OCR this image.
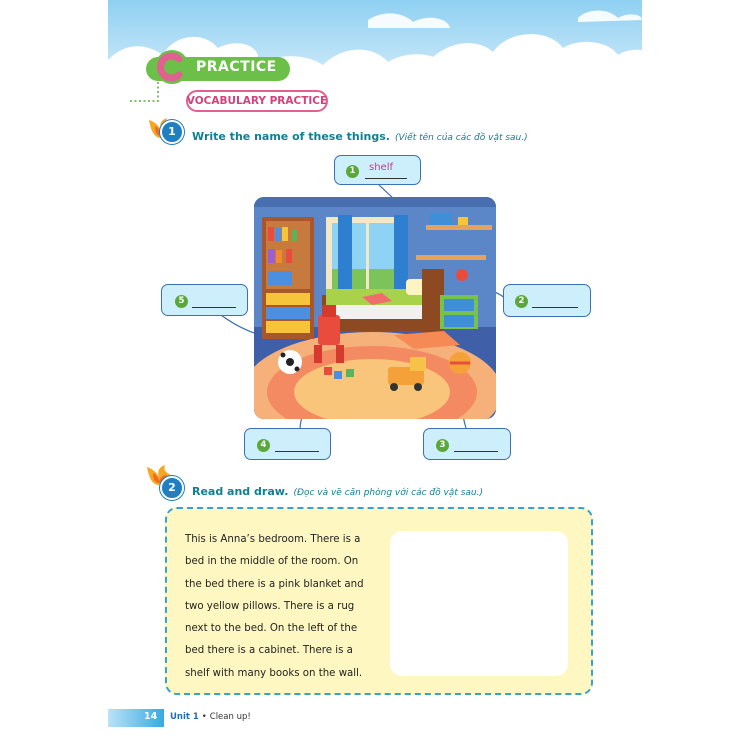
PRACTICE
VOCABULARY PRACTICE
1	Write the name of these things. (Viết tên của các đồ vật sau.)
1	shelf
2
3
4
5
2	Read and draw. (Đọc và vẽ căn phòng với các đồ vật sau.)
This is Anna’s bedroom. There is a
bed in the middle of the room. On
the bed there is a pink blanket and
two yellow pillows. There is a rug
next to the bed. On the left of the
bed there is a cabinet. There is a
shelf with many books on the wall.
14 Unit 1 • Clean up!
